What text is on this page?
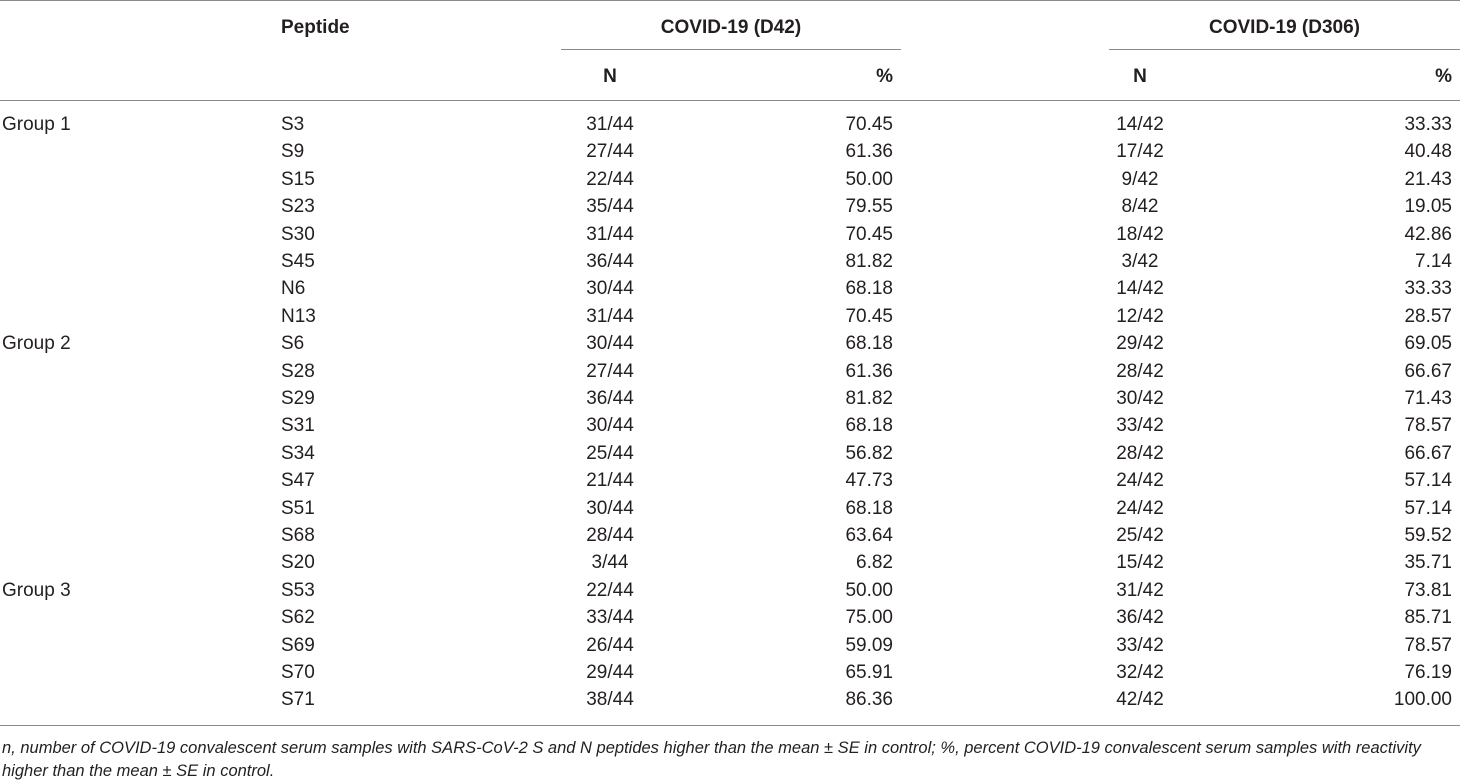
Peptide	COVID-19 (D42)	COVID-19 (D306)
N	%	N	%
Group 1	S3	31/44	70.45	14/42	33.33
S9	27/44	61.36	17/42	40.48
S15	22/44	50.00	9/42	21.43
S23	35/44	79.55	8/42	19.05
S30	31/44	70.45	18/42	42.86
S45	36/44	81.82	3/42	7.14
N6	30/44	68.18	14/42	33.33
N13	31/44	70.45	12/42	28.57
Group 2	S6	30/44	68.18	29/42	69.05
S28	27/44	61.36	28/42	66.67
S29	36/44	81.82	30/42	71.43
S31	30/44	68.18	33/42	78.57
S34	25/44	56.82	28/42	66.67
S47	21/44	47.73	24/42	57.14
S51	30/44	68.18	24/42	57.14
S68	28/44	63.64	25/42	59.52
S20	3/44	6.82	15/42	35.71
Group 3	S53	22/44	50.00	31/42	73.81
S62	33/44	75.00	36/42	85.71
S69	26/44	59.09	33/42	78.57
S70	29/44	65.91	32/42	76.19
S71	38/44	86.36	42/42	100.00
n, number of COVID-19 convalescent serum samples with SARS-CoV-2 S and N peptides higher than the mean ± SE in control; %, percent COVID-19 convalescent serum samples with reactivity higher than the mean ± SE in control.
